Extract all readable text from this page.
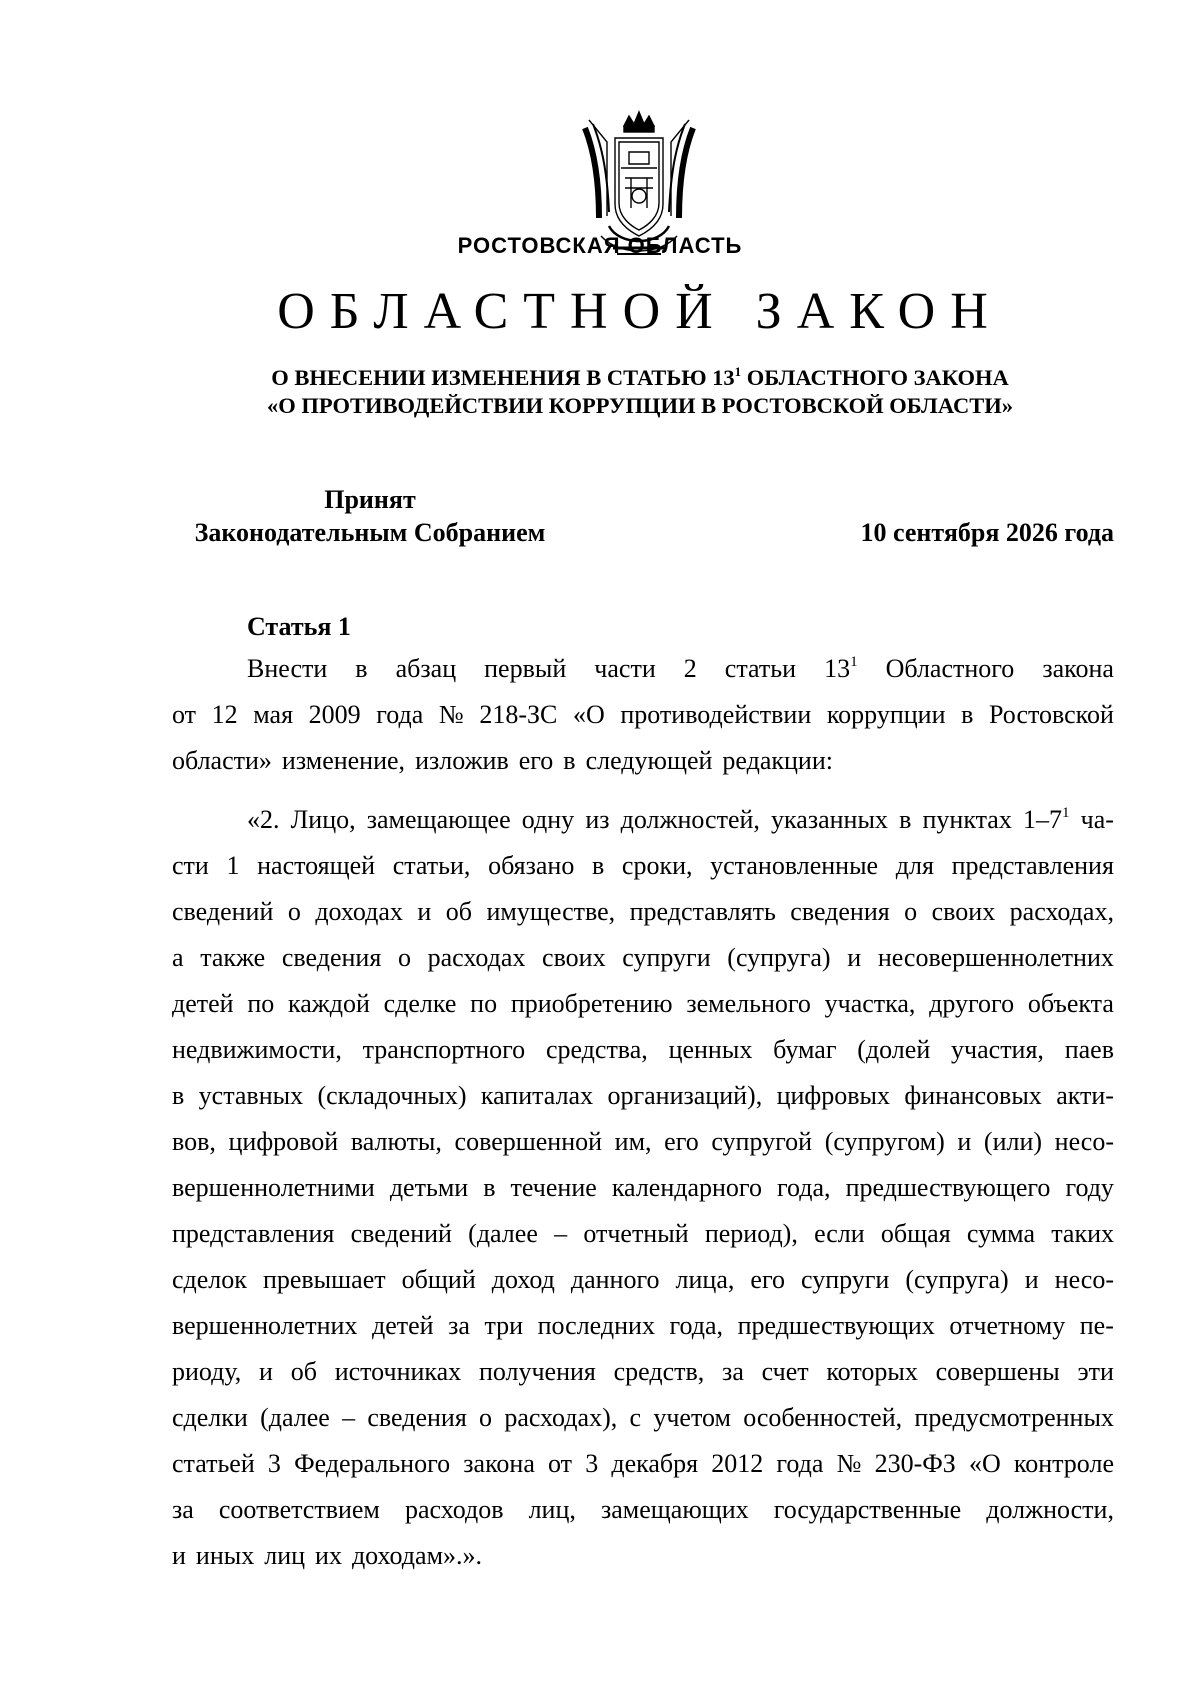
РОСТОВСКАЯ ОБЛАСТЬ
ОБЛАСТНОЙ ЗАКОН
О ВНЕСЕНИИ ИЗМЕНЕНИЯ В СТАТЬЮ $13^1$ ОБЛАСТНОГО ЗАКОНА
«О ПРОТИВОДЕЙСТВИИ КОРРУПЦИИ В РОСТОВСКОЙ ОБЛАСТИ»
Принят
Законодательным Собранием	10 сентября 2026 года
Статья 1
Внести в абзац первый части 2 статьи $13^1$ Областного закона
от 12 мая 2009 года № 218-ЗС «О противодействии коррупции в Ростовской
области» изменение, изложив его в следующей редакции:
«2. Лицо, замещающее одну из должностей, указанных в пунктах $1-7^1$ ча-
сти 1 настоящей статьи, обязано в сроки, установленные для представления
сведений о доходах и об имуществе, представлять сведения о своих расходах,
а также сведения о расходах своих супруги (супруга) и несовершеннолетних
детей по каждой сделке по приобретению земельного участка, другого объекта
недвижимости, транспортного средства, ценных бумаг (долей участия, паев
в уставных (складочных) капиталах организаций), цифровых финансовых акти-
вов, цифровой валюты, совершенной им, его супругой (супругом) и (или) несо-
вершеннолетними детьми в течение календарного года, предшествующего году
представления сведений (далее – отчетный период), если общая сумма таких
сделок превышает общий доход данного лица, его супруги (супруга) и несо-
вершеннолетних детей за три последних года, предшествующих отчетному пе-
риоду, и об источниках получения средств, за счет которых совершены эти
сделки (далее – сведения о расходах), с учетом особенностей, предусмотренных
статьей 3 Федерального закона от 3 декабря 2012 года № 230-ФЗ «О контроле
за соответствием расходов лиц, замещающих государственные должности,
и иных лиц их доходам».».
